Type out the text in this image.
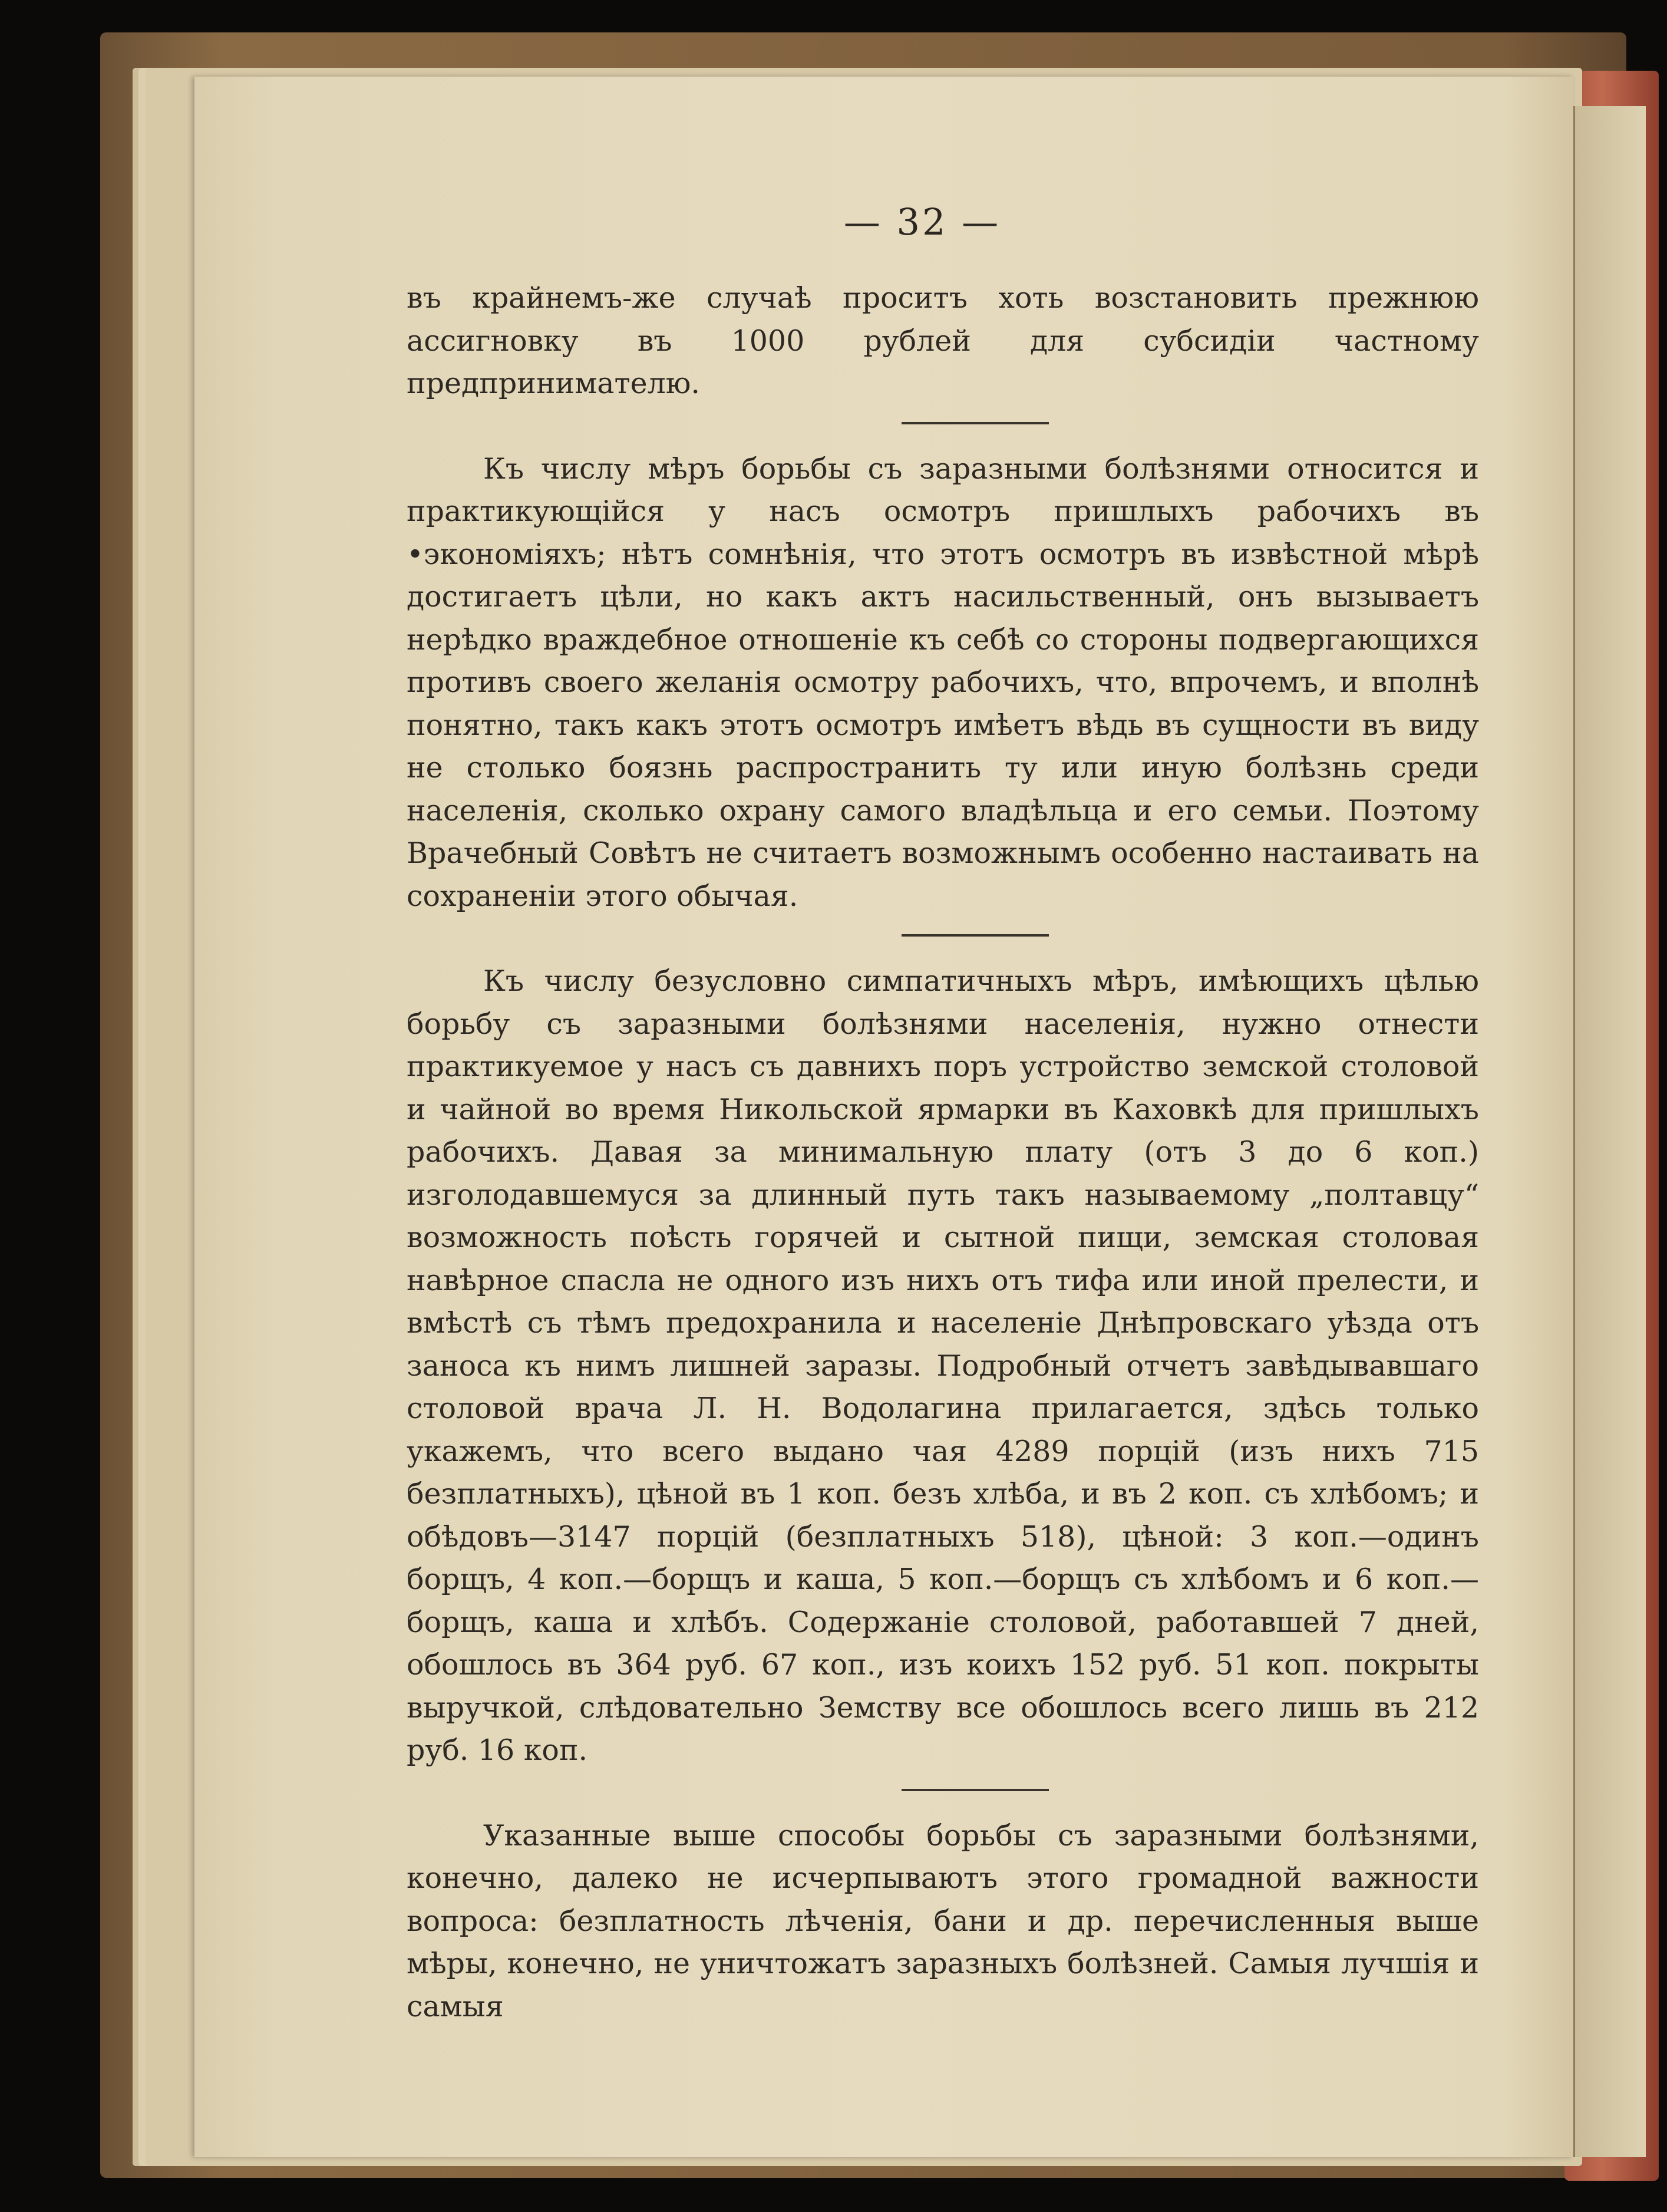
— 32 —

въ крайнемъ-же случаѣ проситъ хоть возстановить прежнюю ассигновку въ 1000 рублей для субсидіи частному предпринимателю.

Къ числу мѣръ борьбы съ заразными болѣзнями относится и практикующійся у насъ осмотръ пришлыхъ рабочихъ въ •экономіяхъ; нѣтъ сомнѣнія, что этотъ осмотръ въ извѣстной мѣрѣ достигаетъ цѣли, но какъ актъ насильственный, онъ вызываетъ нерѣдко враждебное отношеніе къ себѣ со стороны подвергающихся противъ своего желанія осмотру рабочихъ, что, впрочемъ, и вполнѣ понятно, такъ какъ этотъ осмотръ имѣетъ вѣдь въ сущности въ виду не столько боязнь распространить ту или иную болѣзнь среди населенія, сколько охрану самого владѣльца и его семьи. Поэтому Врачебный Совѣтъ не считаетъ возможнымъ особенно настаивать на сохраненіи этого обычая.

Къ числу безусловно симпатичныхъ мѣръ, имѣющихъ цѣлью борьбу съ заразными болѣзнями населенія, нужно отнести практикуемое у насъ съ давнихъ поръ устройство земской столовой и чайной во время Никольской ярмарки въ Каховкѣ для пришлыхъ рабочихъ. Давая за минимальную плату (отъ 3 до 6 коп.) изголодавшемуся за длинный путь такъ называемому „полтавцу“ возможность поѣсть горячей и сытной пищи, земская столовая навѣрное спасла не одного изъ нихъ отъ тифа или иной прелести, и вмѣстѣ съ тѣмъ предохранила и населеніе Днѣпровскаго уѣзда отъ заноса къ нимъ лишней заразы. Подробный отчетъ завѣдывавшаго столовой врача Л. Н. Водолагина прилагается, здѣсь только укажемъ, что всего выдано чая 4289 порцій (изъ нихъ 715 безплатныхъ), цѣной въ 1 коп. безъ хлѣба, и въ 2 коп. съ хлѣбомъ; и обѣдовъ—3147 порцій (безплатныхъ 518), цѣной: 3 коп.—одинъ борщъ, 4 коп.—борщъ и каша, 5 коп.—борщъ съ хлѣбомъ и 6 коп.—борщъ, каша и хлѣбъ. Содержаніе столовой, работавшей 7 дней, обошлось въ 364 руб. 67 коп., изъ коихъ 152 руб. 51 коп. покрыты выручкой, слѣдовательно Земству все обошлось всего лишь въ 212 руб. 16 коп.

Указанные выше способы борьбы съ заразными болѣзнями, конечно, далеко не исчерпываютъ этого громадной важности вопроса: безплатность лѣченія, бани и др. перечисленныя выше мѣры, конечно, не уничтожатъ заразныхъ болѣзней. Самыя лучшія и самыя
